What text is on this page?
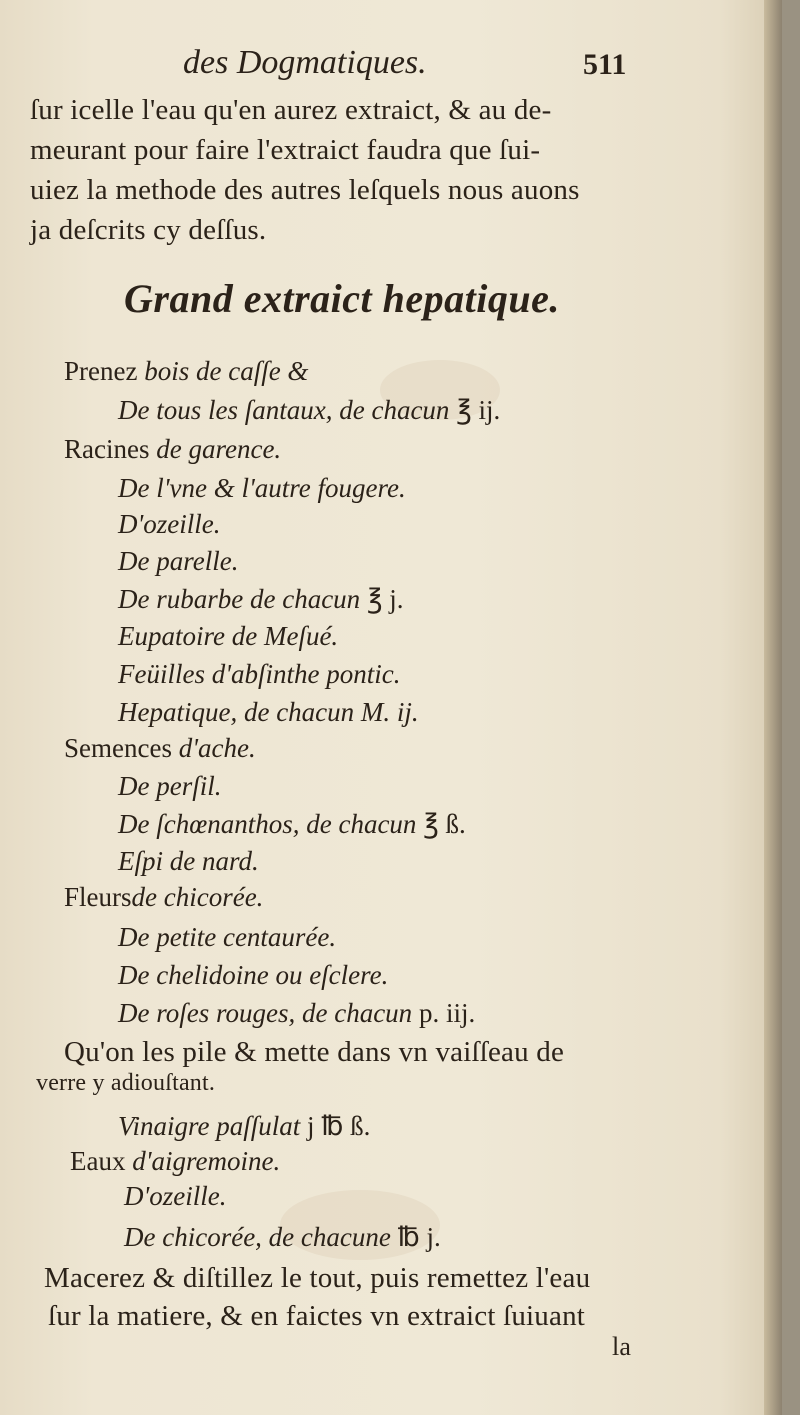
des Dogmatiques.	511
ſur icelle l'eau qu'en aurez extraict, & au de-
meurant pour faire l'extraict faudra que ſui-
uiez la methode des autres leſquels nous auons
ja deſcrits cy deſſus.
Grand extraict hepatique.
Prenez bois de caſſe &
De tous les ſantaux, de chacun ℥ ij.
Racines de garence.
De l'vne & l'autre fougere.
D'ozeille.
De parelle.
De rubarbe de chacun ℥ j.
Eupatoire de Meſué.
Feüilles d'abſinthe pontic.
Hepatique, de chacun M. ij.
Semences d'ache.
De perſil.
De ſchœnanthos, de chacun ℥ ß.
Eſpi de nard.
Fleursde chicorée.
De petite centaurée.
De chelidoine ou eſclere.
De roſes rouges, de chacun p. iij.
Qu'on les pile & mette dans vn vaiſſeau de
verre y adiouſtant.
Vinaigre paſſulat j ℔ ß.
Eaux d'aigremoine.
D'ozeille.
De chicorée, de chacune ℔ j.
Macerez & diſtillez le tout, puis remettez l'eau
ſur la matiere, & en faictes vn extraict ſuiuant
la
